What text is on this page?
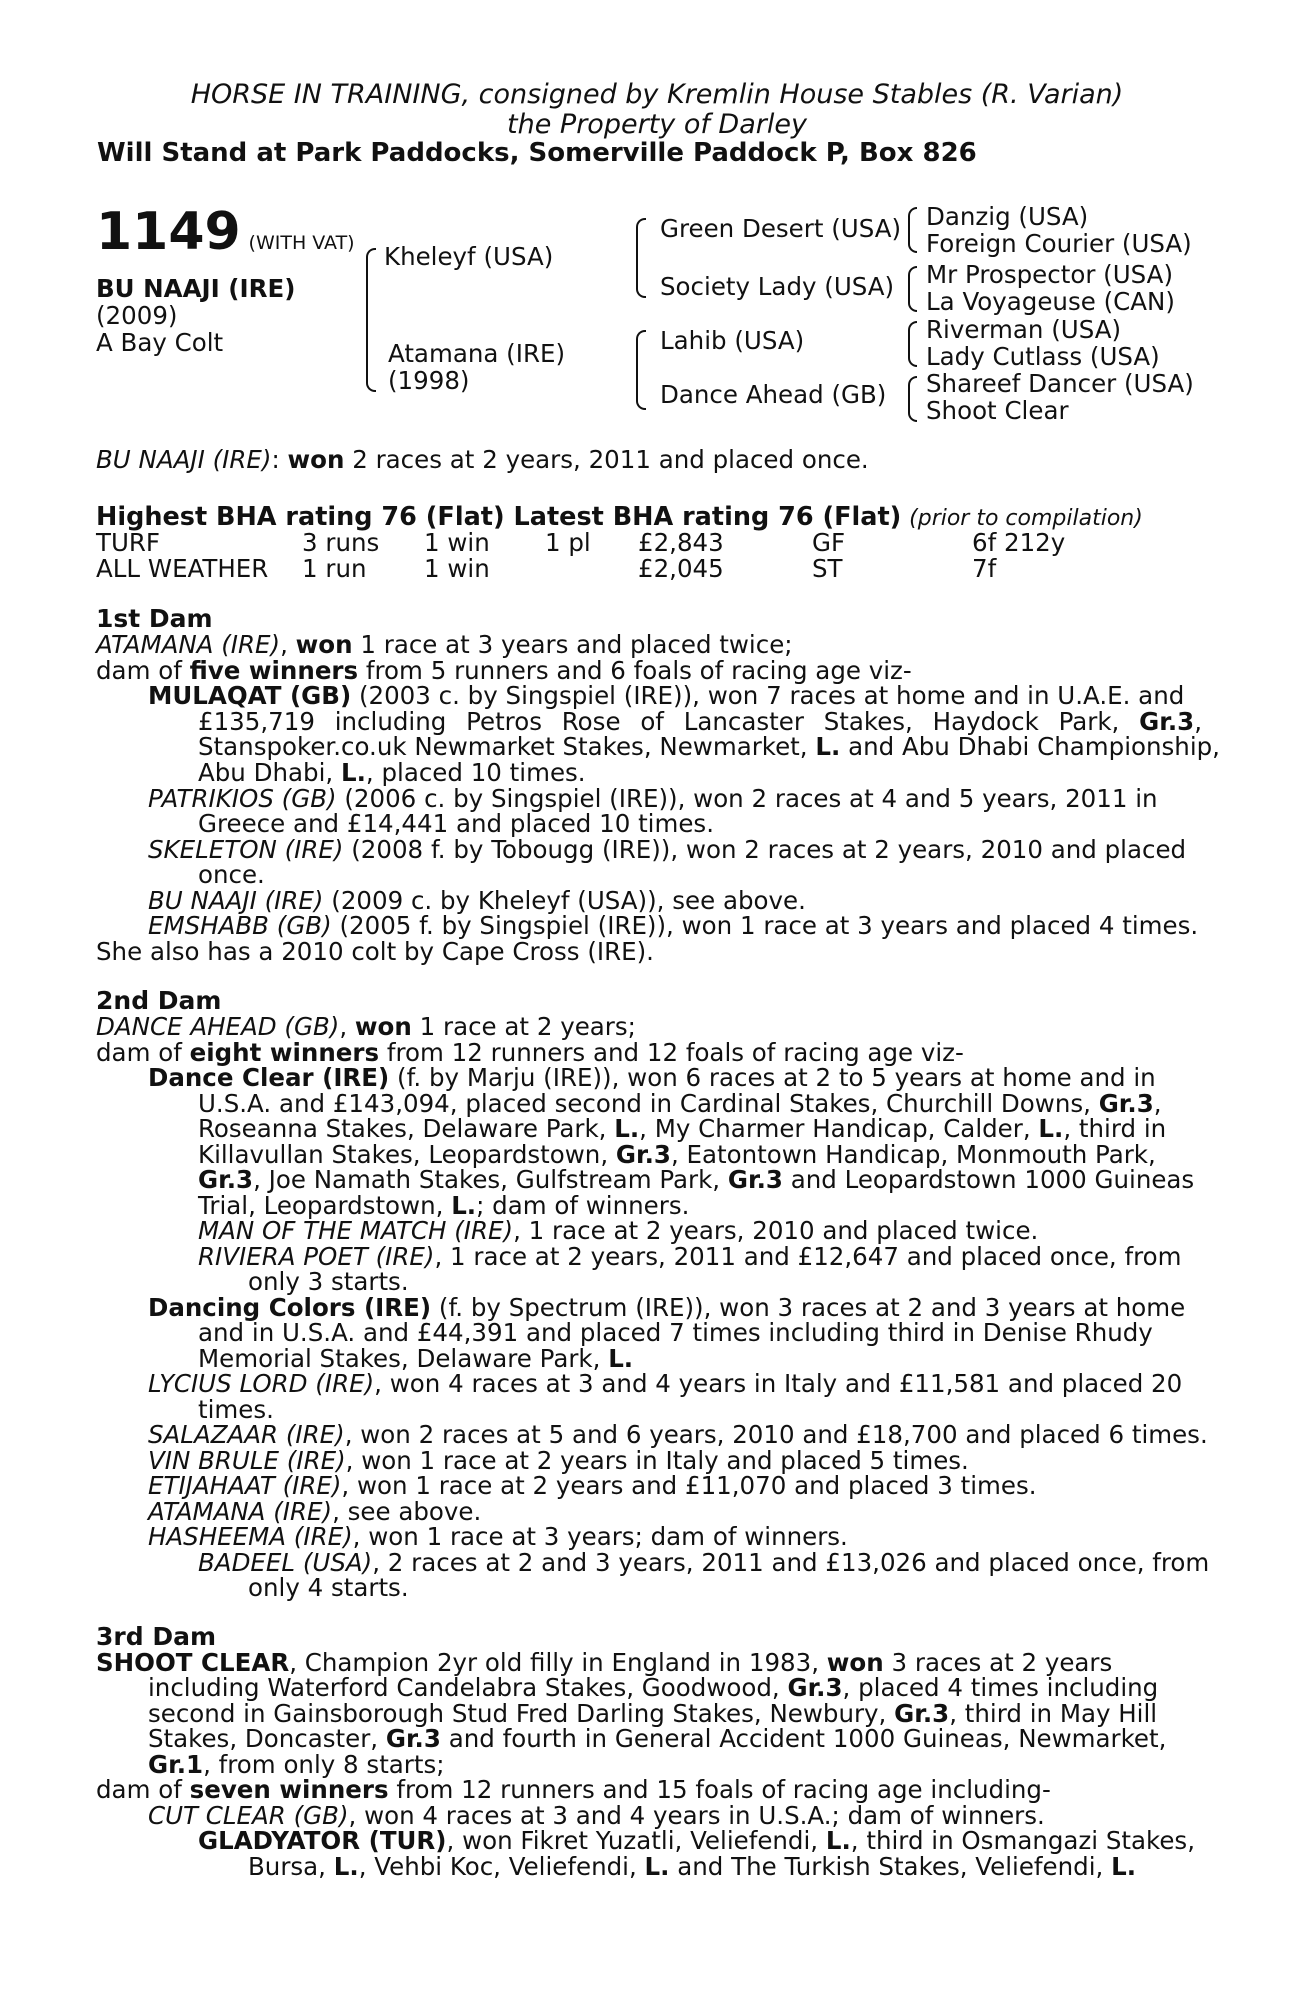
HORSE IN TRAINING, consigned by Kremlin House Stables (R. Varian)
the Property of Darley
Will Stand at Park Paddocks, Somerville Paddock P, Box 826
1149 (WITH VAT)
BU NAAJI (IRE)
(2009)
A Bay Colt
Kheleyf (USA)
Atamana (IRE)
(1998)
Green Desert (USA)
Society Lady (USA)
Lahib (USA)
Dance Ahead (GB)
Danzig (USA)
Foreign Courier (USA)
Mr Prospector (USA)
La Voyageuse (CAN)
Riverman (USA)
Lady Cutlass (USA)
Shareef Dancer (USA)
Shoot Clear
BU NAAJI (IRE): won 2 races at 2 years, 2011 and placed once.
Highest BHA rating 76 (Flat) Latest BHA rating 76 (Flat) (prior to compilation)
TURF	3 runs 1 win 1 pl £2,843	GF	6f 212y
ALL WEATHER 1 run 1 win	£2,045	ST	7f
1st Dam
ATAMANA (IRE), won 1 race at 3 years and placed twice;
dam of five winners from 5 runners and 6 foals of racing age viz-
MULAQAT (GB) (2003 c. by Singspiel (IRE)), won 7 races at home and in U.A.E. and
£135,719 including Petros Rose of Lancaster Stakes, Haydock Park, Gr.3,
Stanspoker.co.uk Newmarket Stakes, Newmarket, L. and Abu Dhabi Championship,
Abu Dhabi, L., placed 10 times.
PATRIKIOS (GB) (2006 c. by Singspiel (IRE)), won 2 races at 4 and 5 years, 2011 in
Greece and £14,441 and placed 10 times.
SKELETON (IRE) (2008 f. by Tobougg (IRE)), won 2 races at 2 years, 2010 and placed
once.
BU NAAJI (IRE) (2009 c. by Kheleyf (USA)), see above.
EMSHABB (GB) (2005 f. by Singspiel (IRE)), won 1 race at 3 years and placed 4 times.
She also has a 2010 colt by Cape Cross (IRE).
2nd Dam
DANCE AHEAD (GB), won 1 race at 2 years;
dam of eight winners from 12 runners and 12 foals of racing age viz-
Dance Clear (IRE) (f. by Marju (IRE)), won 6 races at 2 to 5 years at home and in
U.S.A. and £143,094, placed second in Cardinal Stakes, Churchill Downs, Gr.3,
Roseanna Stakes, Delaware Park, L., My Charmer Handicap, Calder, L., third in
Killavullan Stakes, Leopardstown, Gr.3, Eatontown Handicap, Monmouth Park,
Gr.3, Joe Namath Stakes, Gulfstream Park, Gr.3 and Leopardstown 1000 Guineas
Trial, Leopardstown, L.; dam of winners.
MAN OF THE MATCH (IRE), 1 race at 2 years, 2010 and placed twice.
RIVIERA POET (IRE), 1 race at 2 years, 2011 and £12,647 and placed once, from
only 3 starts.
Dancing Colors (IRE) (f. by Spectrum (IRE)), won 3 races at 2 and 3 years at home
and in U.S.A. and £44,391 and placed 7 times including third in Denise Rhudy
Memorial Stakes, Delaware Park, L.
LYCIUS LORD (IRE), won 4 races at 3 and 4 years in Italy and £11,581 and placed 20
times.
SALAZAAR (IRE), won 2 races at 5 and 6 years, 2010 and £18,700 and placed 6 times.
VIN BRULE (IRE), won 1 race at 2 years in Italy and placed 5 times.
ETIJAHAAT (IRE), won 1 race at 2 years and £11,070 and placed 3 times.
ATAMANA (IRE), see above.
HASHEEMA (IRE), won 1 race at 3 years; dam of winners.
BADEEL (USA), 2 races at 2 and 3 years, 2011 and £13,026 and placed once, from
only 4 starts.
3rd Dam
SHOOT CLEAR, Champion 2yr old filly in England in 1983, won 3 races at 2 years
including Waterford Candelabra Stakes, Goodwood, Gr.3, placed 4 times including
second in Gainsborough Stud Fred Darling Stakes, Newbury, Gr.3, third in May Hill
Stakes, Doncaster, Gr.3 and fourth in General Accident 1000 Guineas, Newmarket,
Gr.1, from only 8 starts;
dam of seven winners from 12 runners and 15 foals of racing age including-
CUT CLEAR (GB), won 4 races at 3 and 4 years in U.S.A.; dam of winners.
GLADYATOR (TUR), won Fikret Yuzatli, Veliefendi, L., third in Osmangazi Stakes,
Bursa, L., Vehbi Koc, Veliefendi, L. and The Turkish Stakes, Veliefendi, L.
